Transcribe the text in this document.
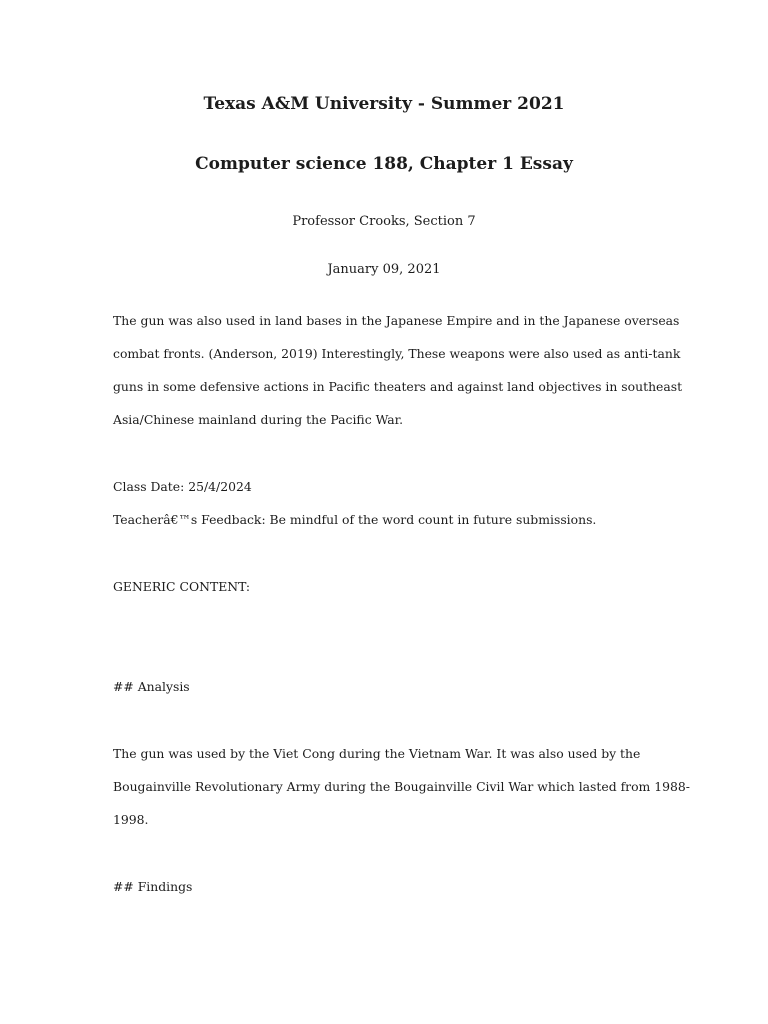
Texas A&M University - Summer 2021
Computer science 188, Chapter 1 Essay
Professor Crooks, Section 7
January 09, 2021
The gun was also used in land bases in the Japanese Empire and in the Japanese overseas
combat fronts. (Anderson, 2019) Interestingly, These weapons were also used as anti-tank
guns in some defensive actions in Pacific theaters and against land objectives in southeast
Asia/Chinese mainland during the Pacific War.
Class Date: 25/4/2024
Teacherâ€™s Feedback: Be mindful of the word count in future submissions.
GENERIC CONTENT:
## Analysis
The gun was used by the Viet Cong during the Vietnam War. It was also used by the
Bougainville Revolutionary Army during the Bougainville Civil War which lasted from 1988-
1998.
## Findings
